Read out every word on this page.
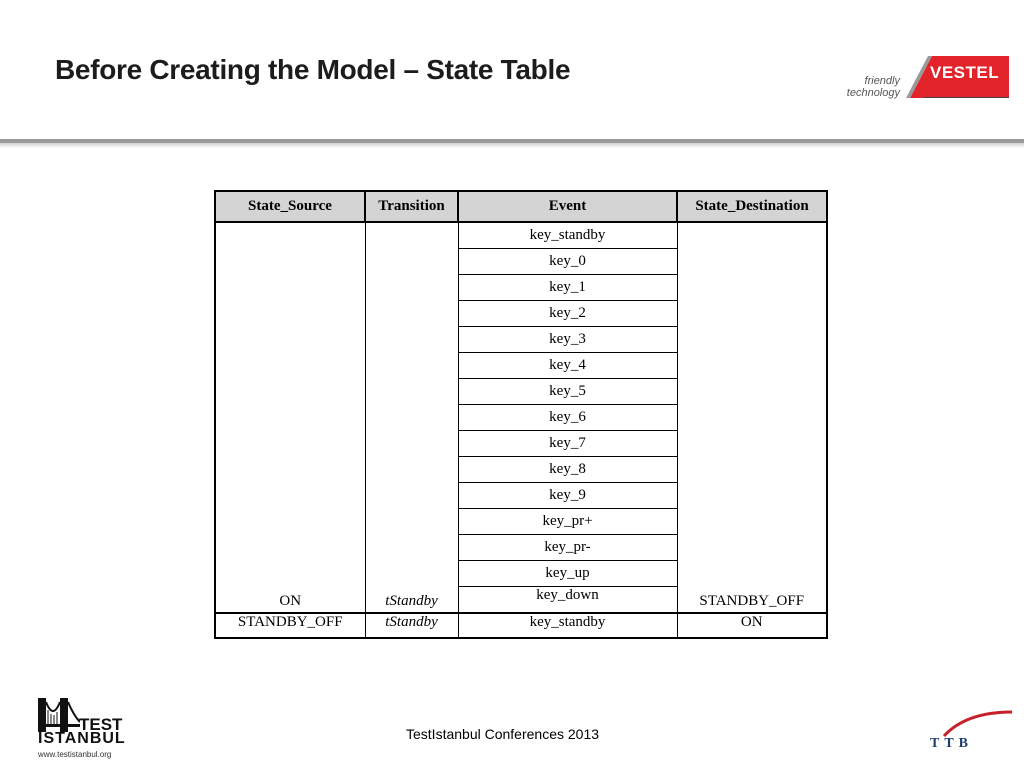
Before Creating the Model – State Table	friendly
technology
VESTEL
State_Source	Transition	Event	State_Destination
ON	tStandby	key_standby	STANDBY_OFF
		key_0	
		key_1	
		key_2	
		key_3	
		key_4	
		key_5	
		key_6	
		key_7	
		key_8	
		key_9	
		key_pr+	
		key_pr-	
		key_up	
		key_down	
STANDBY_OFF	tStandby	key_standby	ON
TEST
ISTANBUL
www.testistanbul.org
TestIstanbul Conferences 2013
TTB
